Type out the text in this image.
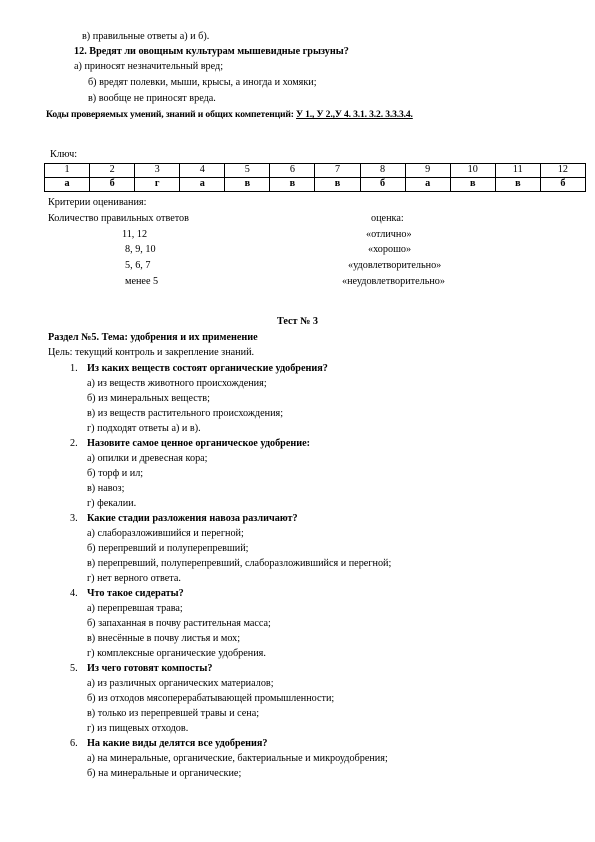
в) правильные ответы а) и б).
12. Вредят ли овощным культурам мышевидные грызуны?
а) приносят незначительный вред;
б) вредят полевки, мыши, крысы, а иногда и хомяки;
в) вообще не приносят вреда.
Коды проверяемых умений, знаний и общих компетенций: У 1., У 2.,У 4. 3.1. 3.2. 3.3.3.4.
Ключ:
1	2	3	4	5	6	7	8	9	10	11	12
а	б	г	а	в	в	в	б	а	в	в	б
Критерии оценивания:
Количество правильных ответов	оценка:
11, 12	«отлично»
8, 9, 10	«хорошо»
5, 6, 7	«удовлетворительно»
менее 5	«неудовлетворительно»
Тест № 3
Раздел №5. Тема: удобрения и их применение
Цель: текущий контроль и закрепление знаний.
1. Из каких веществ состоят органические удобрения?
а) из веществ животного происхождения;
б) из минеральных веществ;
в) из веществ растительного происхождения;
г) подходят ответы а) и в).
2. Назовите самое ценное органическое удобрение:
а) опилки и древесная кора;
б) торф и ил;
в) навоз;
г) фекалии.
3. Какие стадии разложения навоза различают?
а) слаборазложившийся и перегной;
б) перепревший и полуперепревший;
в) перепревший, полуперепревший, слаборазложившийся и перегной;
г) нет верного ответа.
4. Что такое сидераты?
а) перепревшая трава;
б) запаханная в почву растительная масса;
в) внесённые в почву листья и мох;
г) комплексные органические удобрения.
5. Из чего готовят компосты?
а) из различных органических материалов;
б) из отходов мясоперерабатывающей промышленности;
в) только из перепревшей травы и сена;
г) из пищевых отходов.
6. На какие виды делятся все удобрения?
а) на минеральные, органические, бактериальные и микроудобрения;
б) на минеральные и органические;
